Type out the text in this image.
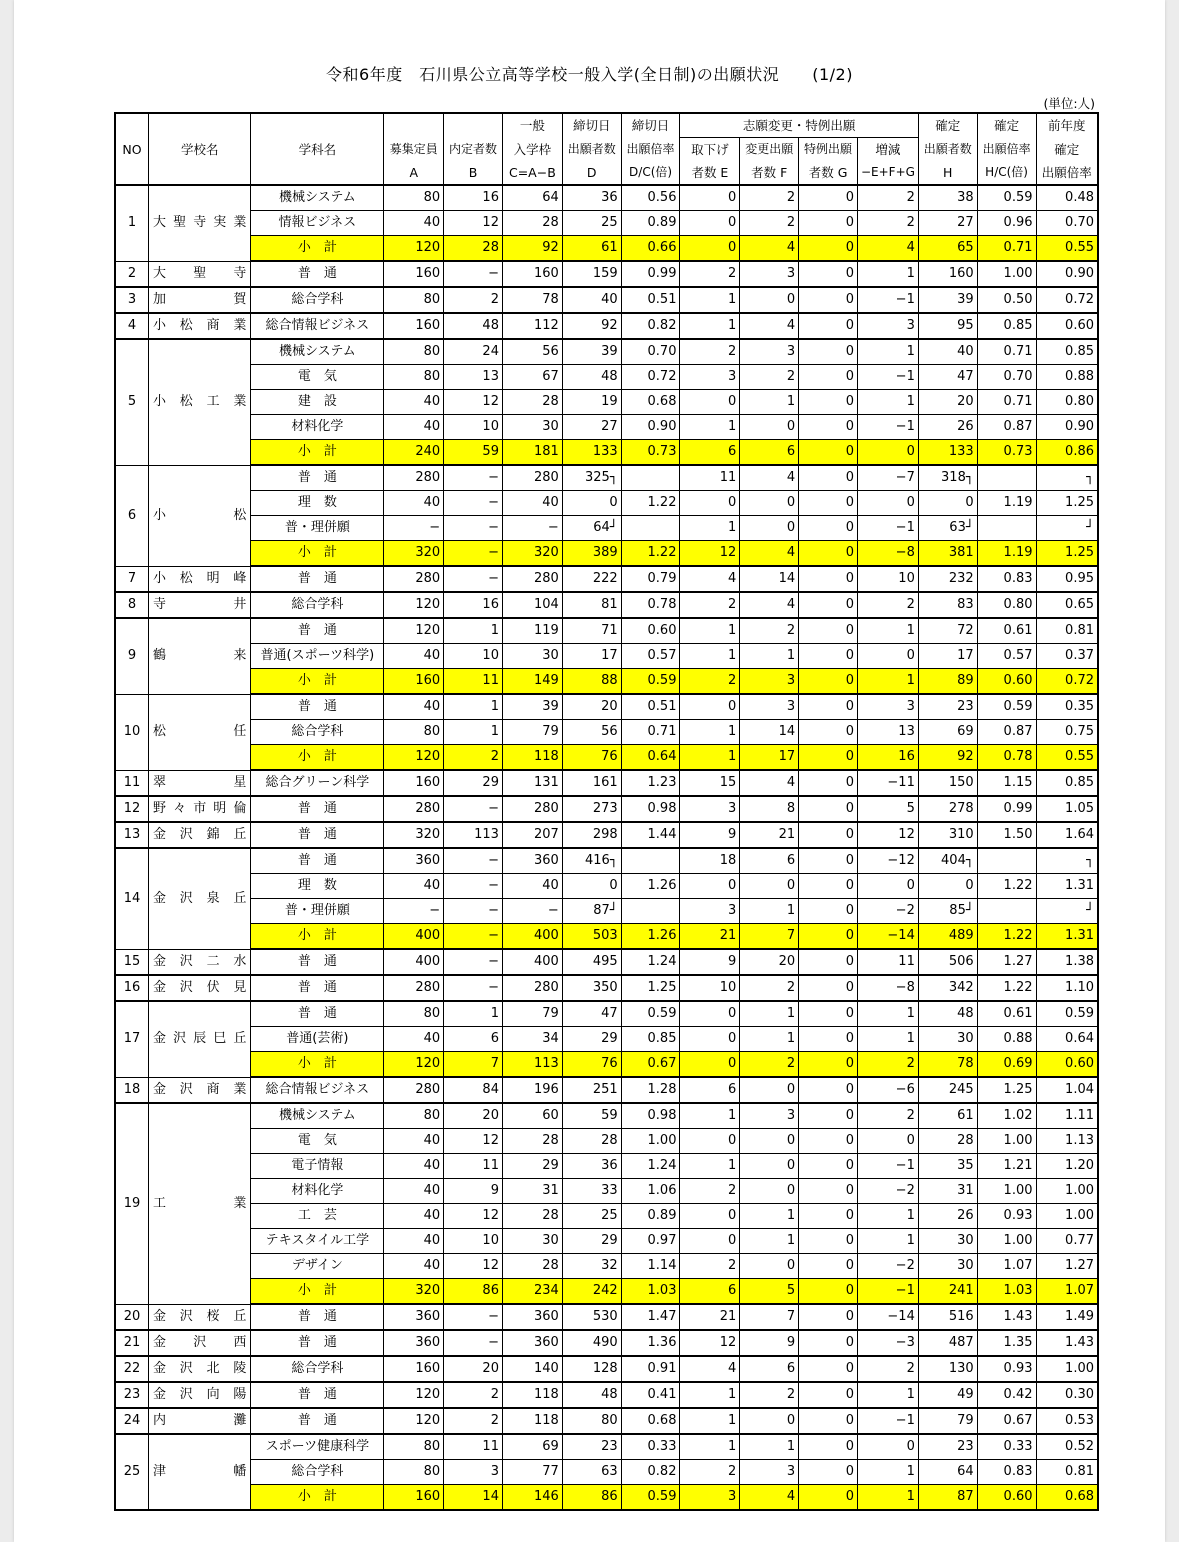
令和6年度　石川県公立高等学校一般入学(全日制)の出願状況　　(1/2)
(単位:人)
					一般	締切日	締切日	志願変更・特例出願				確定	確定	前年度
NO	学校名	学科名	募集定員	内定者数	入学枠	出願者数	出願倍率	取下げ	変更出願	特例出願	増減	出願者数	出願倍率	確定
			A	B	C=A−B	D	D/C(倍)	者数 E	者数 F	者数 G	−E+F+G	H	H/C(倍)	出願倍率
1	大聖寺実業	機械システム	80	16	64	36	0.56	0	2	0	2	38	0.59	0.48
		情報ビジネス	40	12	28	25	0.89	0	2	0	2	27	0.96	0.70
		小　計	120	28	92	61	0.66	0	4	0	4	65	0.71	0.55
2	大聖寺	普　通	160	−	160	159	0.99	2	3	0	1	160	1.00	0.90
3	加賀	総合学科	80	2	78	40	0.51	1	0	0	−1	39	0.50	0.72
4	小松商業	総合情報ビジネス	160	48	112	92	0.82	1	4	0	3	95	0.85	0.60
5	小松工業	機械システム	80	24	56	39	0.70	2	3	0	1	40	0.71	0.85
		電　気	80	13	67	48	0.72	3	2	0	−1	47	0.70	0.88
		建　設	40	12	28	19	0.68	0	1	0	1	20	0.71	0.80
		材料化学	40	10	30	27	0.90	1	0	0	−1	26	0.87	0.90
		小　計	240	59	181	133	0.73	6	6	0	0	133	0.73	0.86
6	小松	普　通	280	−	280	325┐		11	4	0	−7	318┐		┐
		理　数	40	−	40	0	1.22	0	0	0	0	0	1.19	1.25
		普・理併願	−	−	−	64┘		1	0	0	−1	63┘		┘
		小　計	320	−	320	389	1.22	12	4	0	−8	381	1.19	1.25
7	小松明峰	普　通	280	−	280	222	0.79	4	14	0	10	232	0.83	0.95
8	寺井	総合学科	120	16	104	81	0.78	2	4	0	2	83	0.80	0.65
9	鶴来	普　通	120	1	119	71	0.60	1	2	0	1	72	0.61	0.81
		普通(スポーツ科学)	40	10	30	17	0.57	1	1	0	0	17	0.57	0.37
		小　計	160	11	149	88	0.59	2	3	0	1	89	0.60	0.72
10	松任	普　通	40	1	39	20	0.51	0	3	0	3	23	0.59	0.35
		総合学科	80	1	79	56	0.71	1	14	0	13	69	0.87	0.75
		小　計	120	2	118	76	0.64	1	17	0	16	92	0.78	0.55
11	翠星	総合グリーン科学	160	29	131	161	1.23	15	4	0	−11	150	1.15	0.85
12	野々市明倫	普　通	280	−	280	273	0.98	3	8	0	5	278	0.99	1.05
13	金沢錦丘	普　通	320	113	207	298	1.44	9	21	0	12	310	1.50	1.64
14	金沢泉丘	普　通	360	−	360	416┐		18	6	0	−12	404┐		┐
		理　数	40	−	40	0	1.26	0	0	0	0	0	1.22	1.31
		普・理併願	−	−	−	87┘		3	1	0	−2	85┘		┘
		小　計	400	−	400	503	1.26	21	7	0	−14	489	1.22	1.31
15	金沢二水	普　通	400	−	400	495	1.24	9	20	0	11	506	1.27	1.38
16	金沢伏見	普　通	280	−	280	350	1.25	10	2	0	−8	342	1.22	1.10
17	金沢辰巳丘	普　通	80	1	79	47	0.59	0	1	0	1	48	0.61	0.59
		普通(芸術)	40	6	34	29	0.85	0	1	0	1	30	0.88	0.64
		小　計	120	7	113	76	0.67	0	2	0	2	78	0.69	0.60
18	金沢商業	総合情報ビジネス	280	84	196	251	1.28	6	0	0	−6	245	1.25	1.04
19	工業	機械システム	80	20	60	59	0.98	1	3	0	2	61	1.02	1.11
		電　気	40	12	28	28	1.00	0	0	0	0	28	1.00	1.13
		電子情報	40	11	29	36	1.24	1	0	0	−1	35	1.21	1.20
		材料化学	40	9	31	33	1.06	2	0	0	−2	31	1.00	1.00
		工　芸	40	12	28	25	0.89	0	1	0	1	26	0.93	1.00
		テキスタイル工学	40	10	30	29	0.97	0	1	0	1	30	1.00	0.77
		デザイン	40	12	28	32	1.14	2	0	0	−2	30	1.07	1.27
		小　計	320	86	234	242	1.03	6	5	0	−1	241	1.03	1.07
20	金沢桜丘	普　通	360	−	360	530	1.47	21	7	0	−14	516	1.43	1.49
21	金沢西	普　通	360	−	360	490	1.36	12	9	0	−3	487	1.35	1.43
22	金沢北陵	総合学科	160	20	140	128	0.91	4	6	0	2	130	0.93	1.00
23	金沢向陽	普　通	120	2	118	48	0.41	1	2	0	1	49	0.42	0.30
24	内灘	普　通	120	2	118	80	0.68	1	0	0	−1	79	0.67	0.53
25	津幡	スポーツ健康科学	80	11	69	23	0.33	1	1	0	0	23	0.33	0.52
		総合学科	80	3	77	63	0.82	2	3	0	1	64	0.83	0.81
		小　計	160	14	146	86	0.59	3	4	0	1	87	0.60	0.68
